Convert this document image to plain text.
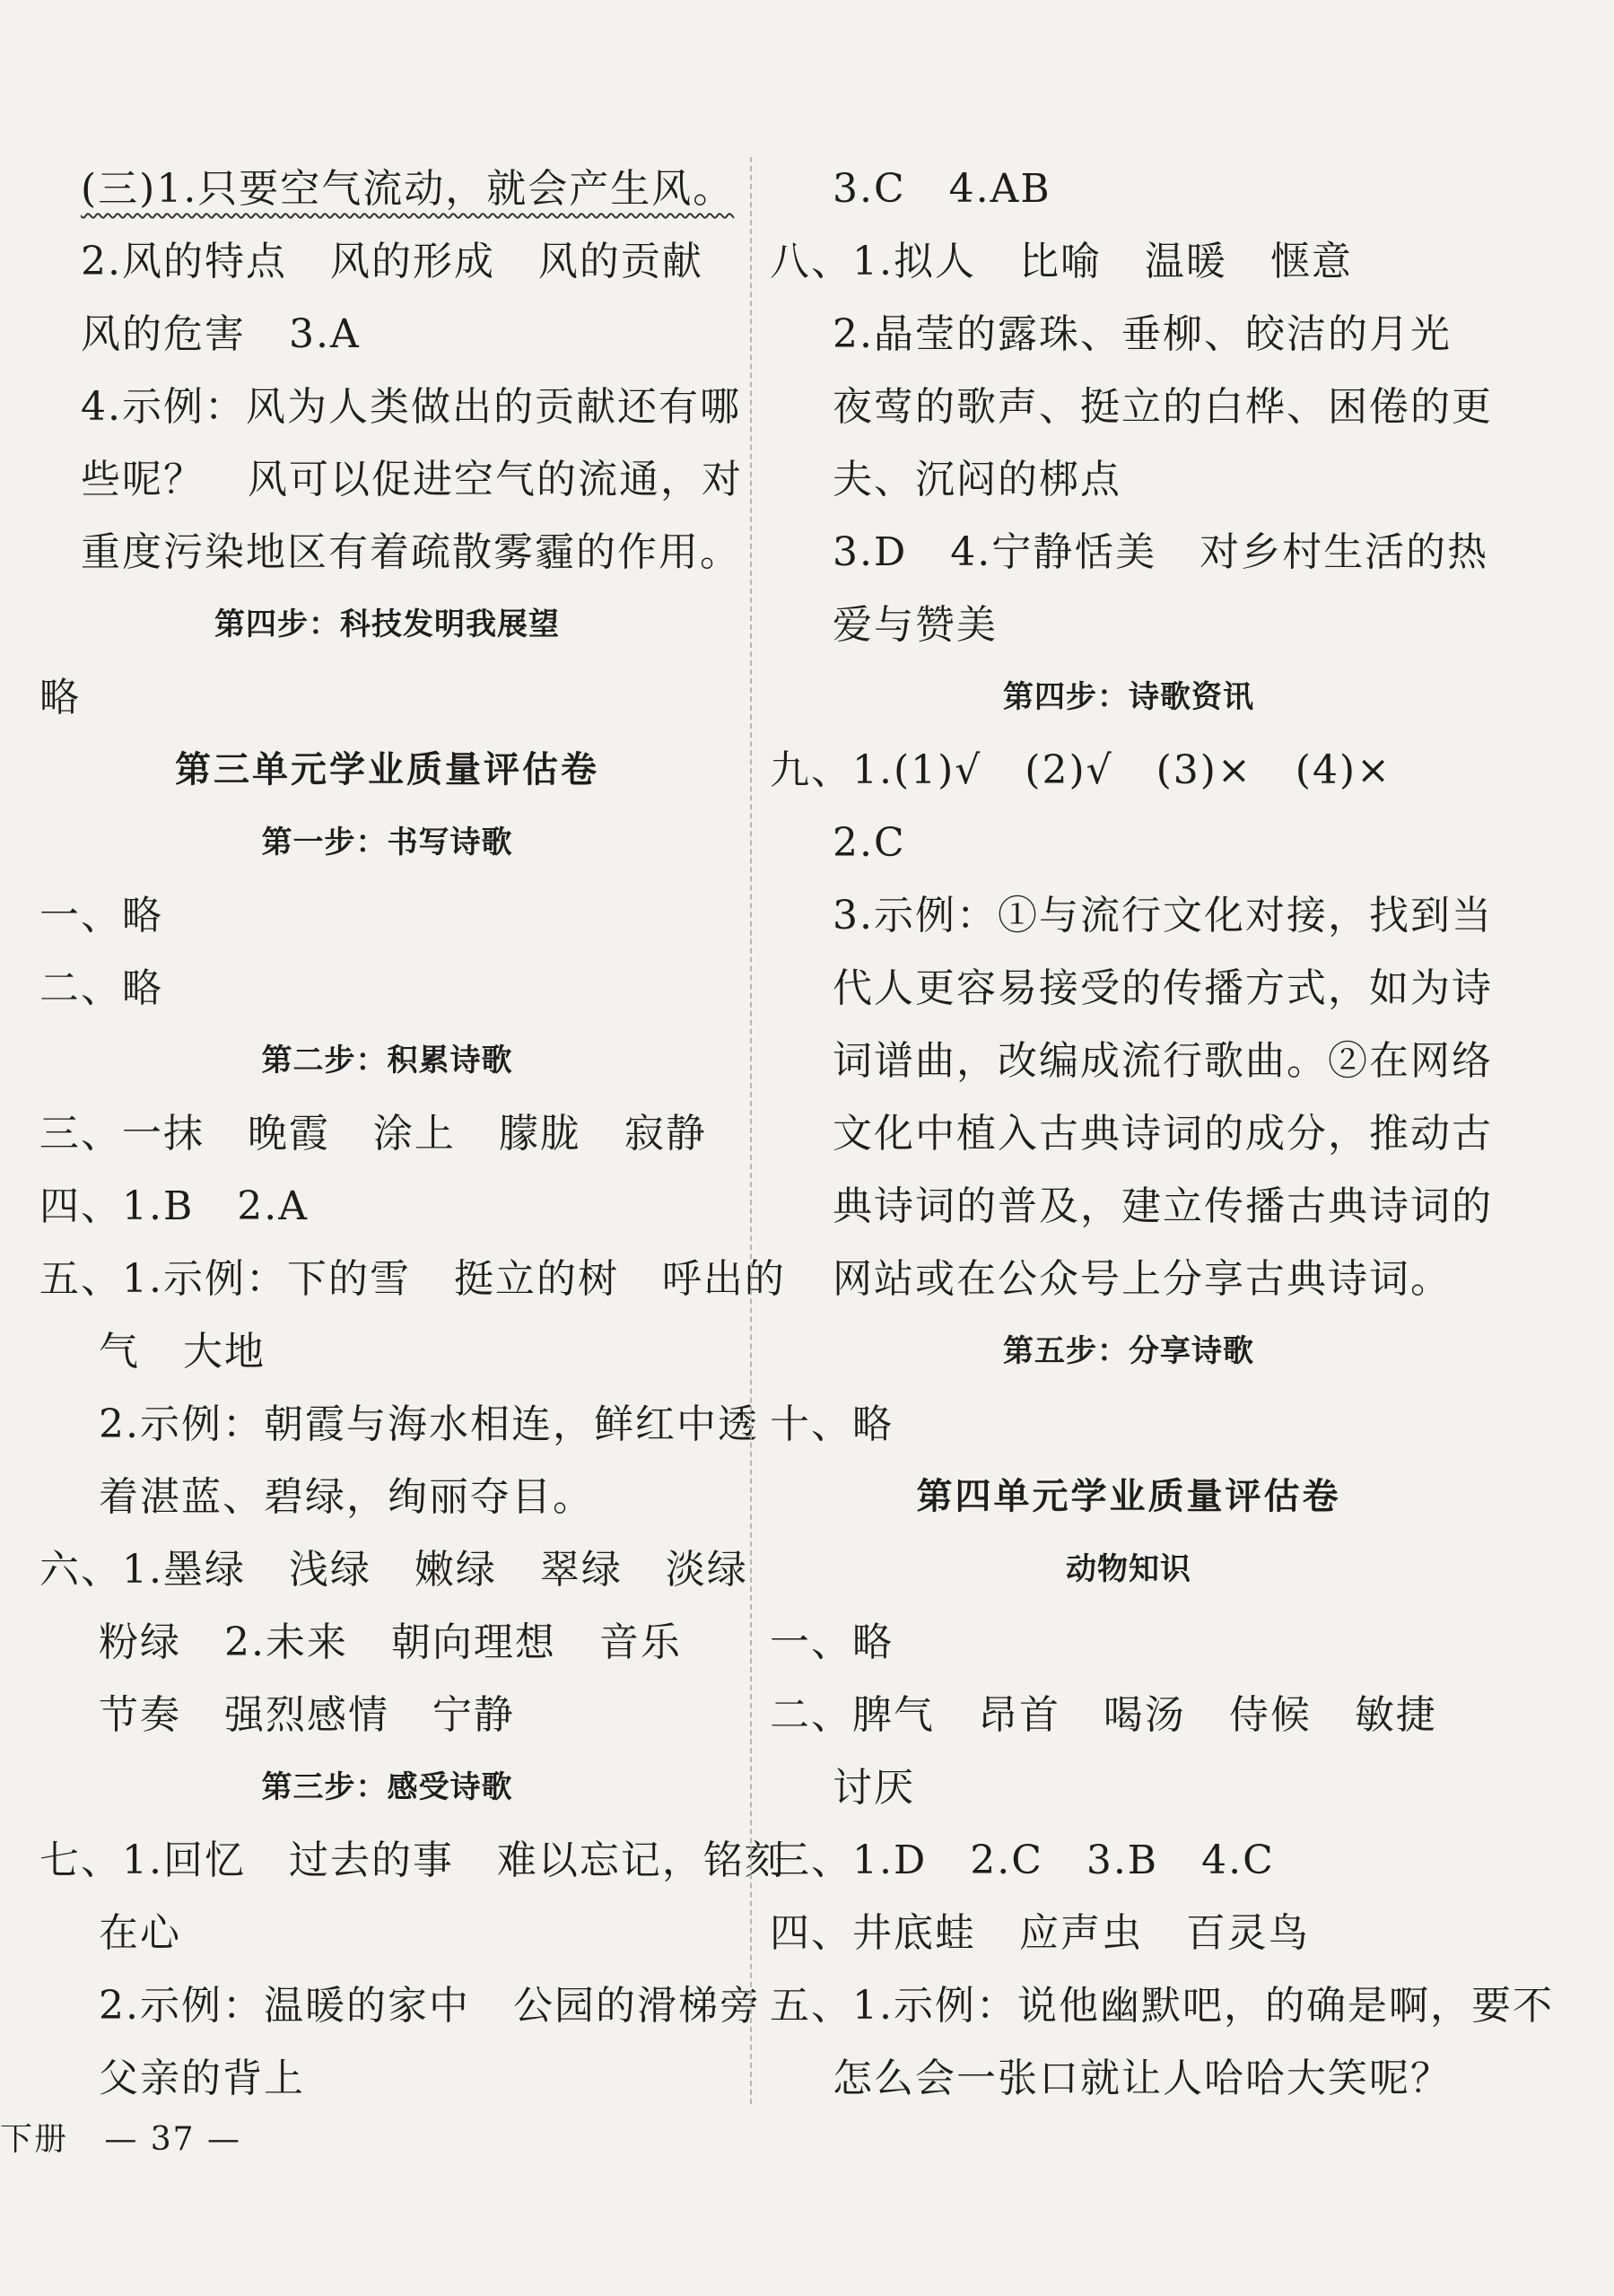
(三)1.只要空气流动，就会产生风。
2.风的特点   风的形成   风的贡献
风的危害   3.A
4.示例：风为人类做出的贡献还有哪
些呢？   风可以促进空气的流通，对
重度污染地区有着疏散雾霾的作用。
第四步：科技发明我展望
略
第三单元学业质量评估卷
第一步：书写诗歌
一、略
二、略
第二步：积累诗歌
三、一抹   晚霞   涂上   朦胧   寂静
四、1.B   2.A
五、1.示例：下的雪   挺立的树   呼出的
气   大地
2.示例：朝霞与海水相连，鲜红中透
着湛蓝、碧绿，绚丽夺目。
六、1.墨绿   浅绿   嫩绿   翠绿   淡绿
粉绿   2.未来   朝向理想   音乐
节奏   强烈感情   宁静
第三步：感受诗歌
七、1.回忆   过去的事   难以忘记，铭刻
在心
2.示例：温暖的家中   公园的滑梯旁
父亲的背上
3.C   4.AB
八、1.拟人   比喻   温暖   惬意
2.晶莹的露珠、垂柳、皎洁的月光
夜莺的歌声、挺立的白桦、困倦的更
夫、沉闷的梆点
3.D   4.宁静恬美   对乡村生活的热
爱与赞美
第四步：诗歌资讯
九、1.(1)√   (2)√   (3)×   (4)×
2.C
3.示例：①与流行文化对接，找到当
代人更容易接受的传播方式，如为诗
词谱曲，改编成流行歌曲。②在网络
文化中植入古典诗词的成分，推动古
典诗词的普及，建立传播古典诗词的
网站或在公众号上分享古典诗词。
第五步：分享诗歌
十、略
第四单元学业质量评估卷
动物知识
一、略
二、脾气   昂首   喝汤   侍候   敏捷
讨厌
三、1.D   2.C   3.B   4.C
四、井底蛙   应声虫   百灵鸟
五、1.示例：说他幽默吧，的确是啊，要不
怎么会一张口就让人哈哈大笑呢？
下册   — 37 —
